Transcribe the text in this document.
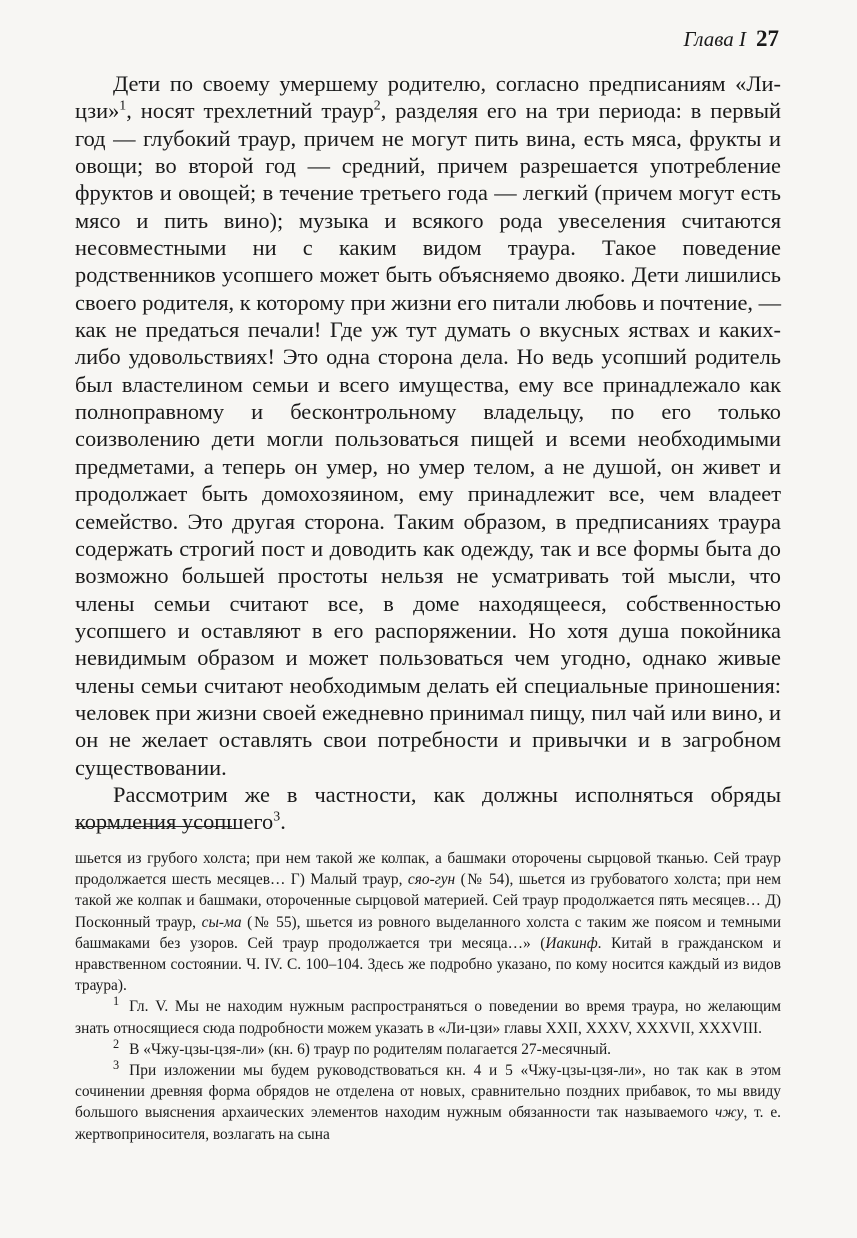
Глава I 27

Дети по своему умершему родителю, согласно предписаниям «Ли-цзи»$^1$, носят трехлетний траур$^2$, разделяя его на три периода: в первый год — глубокий траур, причем не могут пить вина, есть мяса, фрукты и овощи; во второй год — средний, причем разрешается употребление фруктов и овощей; в течение третьего года — легкий (причем могут есть мясо и пить вино); музыка и всякого рода увеселения считаются несовместными ни с каким видом траура. Такое поведение родственников усопшего может быть объясняемо двояко. Дети лишились своего родителя, к которому при жизни его питали любовь и почтение, — как не предаться печали! Где уж тут думать о вкусных яствах и каких-либо удовольствиях! Это одна сторона дела. Но ведь усопший родитель был властелином семьи и всего имущества, ему все принадлежало как полноправному и бесконтрольному владельцу, по его только соизволению дети могли пользоваться пищей и всеми необходимыми предметами, а теперь он умер, но умер телом, а не душой, он живет и продолжает быть домохозяином, ему принадлежит все, чем владеет семейство. Это другая сторона. Таким образом, в предписаниях траура содержать строгий пост и доводить как одежду, так и все формы быта до возможно большей простоты нельзя не усматривать той мысли, что члены семьи считают все, в доме находящееся, собственностью усопшего и оставляют в его распоряжении. Но хотя душа покойника невидимым образом и может пользоваться чем угодно, однако живые члены семьи считают необходимым делать ей специальные приношения: человек при жизни своей ежедневно принимал пищу, пил чай или вино, и он не желает оставлять свои потребности и привычки и в загробном существовании.

Рассмотрим же в частности, как должны исполняться обряды кормления усопшего$^3$.

шьется из грубого холста; при нем такой же колпак, а башмаки оторочены сырцовой тканью. Сей траур продолжается шесть месяцев… Г) Малый траур, сяо-гун (№ 54), шьется из грубоватого холста; при нем такой же колпак и башмаки, отороченные сырцовой материей. Сей траур продолжается пять месяцев… Д) Посконный траур, сы-ма (№ 55), шьется из ровного выделанного холста с таким же поясом и темными башмаками без узоров. Сей траур продолжается три месяца…» (Иакинф. Китай в гражданском и нравственном состоянии. Ч. IV. С. 100–104. Здесь же подробно указано, по кому носится каждый из видов траура).

$^1$ Гл. V. Мы не находим нужным распространяться о поведении во время траура, но желающим знать относящиеся сюда подробности можем указать в «Ли-цзи» главы XXII, XXXV, XXXVII, XXXVIII.

$^2$ В «Чжу-цзы-цзя-ли» (кн. 6) траур по родителям полагается 27-месячный.

$^3$ При изложении мы будем руководствоваться кн. 4 и 5 «Чжу-цзы-цзя-ли», но так как в этом сочинении древняя форма обрядов не отделена от новых, сравнительно поздних прибавок, то мы ввиду большого выяснения архаических элементов находим нужным обязанности так называемого чжу, т. е. жертвоприносителя, возлагать на сына
